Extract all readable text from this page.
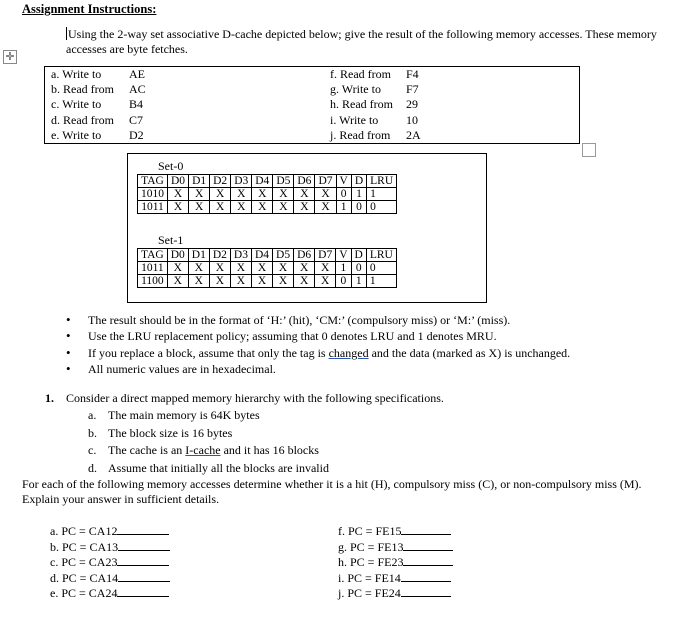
Assignment Instructions:
✛
Using the 2-way set associative D-cache depicted below; give the result of the following memory accesses. These memory accesses are byte fetches.
a. Write to AE
b. Read from AC
c. Write to B4
d. Read from C7
e. Write to D2
f. Read from F4
g. Write to F7
h. Read from 29
i. Write to 10
j. Read from 2A
Set-0
TAG	D0	D1	D2	D3	D4	D5	D6	D7	V	D	LRU
1010	X	X	X	X	X	X	X	X	0	1	1
1011	X	X	X	X	X	X	X	X	1	0	0
Set-1
TAG	D0	D1	D2	D3	D4	D5	D6	D7	V	D	LRU
1011	X	X	X	X	X	X	X	X	1	0	0
1100	X	X	X	X	X	X	X	X	0	1	1
• The result should be in the format of ‘H:’ (hit), ‘CM:’ (compulsory miss) or ‘M:’ (miss).
• Use the LRU replacement policy; assuming that 0 denotes LRU and 1 denotes MRU.
• If you replace a block, assume that only the tag is changed and the data (marked as X) is unchanged.
• All numeric values are in hexadecimal.
1. Consider a direct mapped memory hierarchy with the following specifications.
a. The main memory is 64K bytes
b. The block size is 16 bytes
c. The cache is an I-cache and it has 16 blocks
d. Assume that initially all the blocks are invalid
For each of the following memory accesses determine whether it is a hit (H), compulsory miss (C), or non-compulsory miss (M). Explain your answer in sufficient details.
a. PC = CA12
b. PC = CA13
c. PC = CA23
d. PC = CA14
e. PC = CA24
f. PC = FE15
g. PC = FE13
h. PC = FE23
i. PC = FE14
j. PC = FE24
